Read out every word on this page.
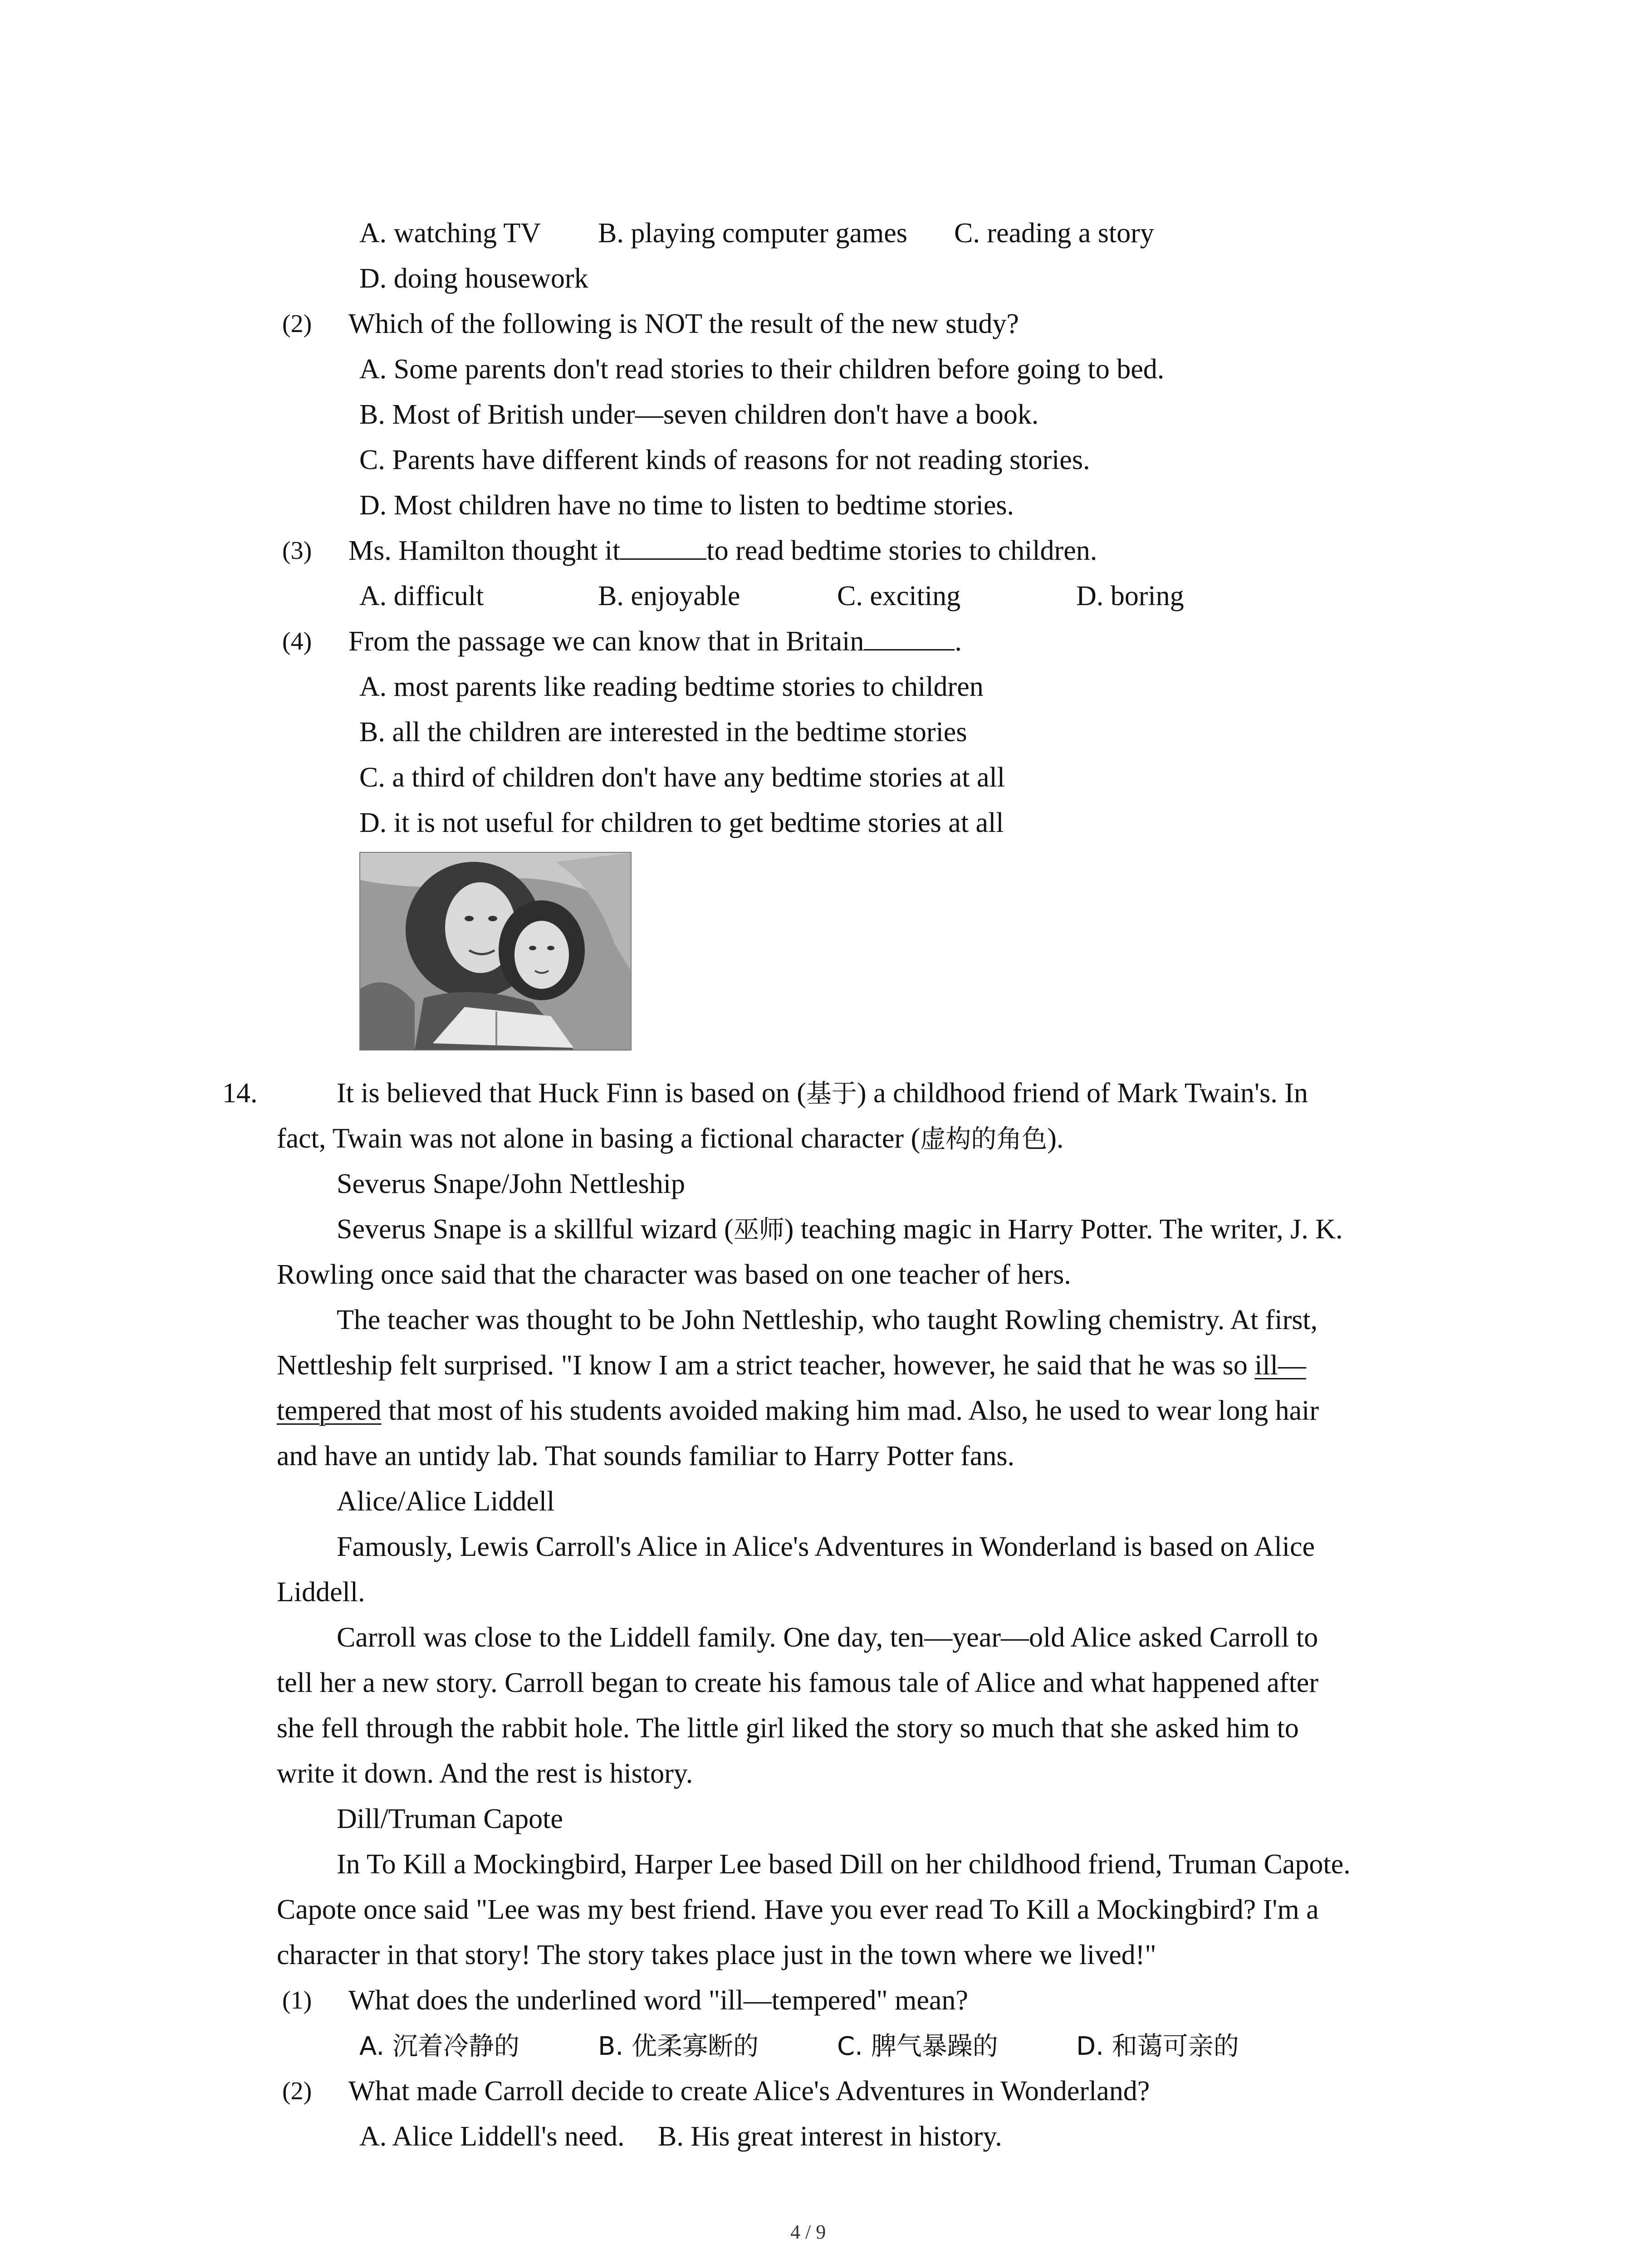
A. watching TV B. playing computer games C. reading a story
D. doing housework
(2) Which of the following is NOT the result of the new study?
A. Some parents don't read stories to their children before going to bed.
B. Most of British under—seven children don't have a book.
C. Parents have different kinds of reasons for not reading stories.
D. Most children have no time to listen to bedtime stories.
(3) Ms. Hamilton thought it	to read bedtime stories to children.
A. difficult	B. enjoyable	C. exciting	D. boring
(4) From the passage we can know that in Britain	.
A. most parents like reading bedtime stories to children
B. all the children are interested in the bedtime stories
C. a third of children don't have any bedtime stories at all
D. it is not useful for children to get bedtime stories at all
14.	It is believed that Huck Finn is based on (基于) a childhood friend of Mark Twain's. In
fact, Twain was not alone in basing a fictional character (虚构的角色).
Severus Snape/John Nettleship
Severus Snape is a skillful wizard (巫师) teaching magic in Harry Potter. The writer, J. K.
Rowling once said that the character was based on one teacher of hers.
The teacher was thought to be John Nettleship, who taught Rowling chemistry. At first,
Nettleship felt surprised. "I know I am a strict teacher, however, he said that he was so ill—
tempered that most of his students avoided making him mad. Also, he used to wear long hair
and have an untidy lab. That sounds familiar to Harry Potter fans.
Alice/Alice Liddell
Famously, Lewis Carroll's Alice in Alice's Adventures in Wonderland is based on Alice
Liddell.
Carroll was close to the Liddell family. One day, ten—year—old Alice asked Carroll to
tell her a new story. Carroll began to create his famous tale of Alice and what happened after
she fell through the rabbit hole. The little girl liked the story so much that she asked him to
write it down. And the rest is history.
Dill/Truman Capote
In To Kill a Mockingbird, Harper Lee based Dill on her childhood friend, Truman Capote.
Capote once said "Lee was my best friend. Have you ever read To Kill a Mockingbird? I'm a
character in that story! The story takes place just in the town where we lived!"
(1) What does the underlined word "ill—tempered" mean?
A. 沉着冷静的	B. 优柔寡断的	C. 脾气暴躁的	D. 和蔼可亲的
(2) What made Carroll decide to create Alice's Adventures in Wonderland?
A. Alice Liddell's need. B. His great interest in history.
4 / 9
